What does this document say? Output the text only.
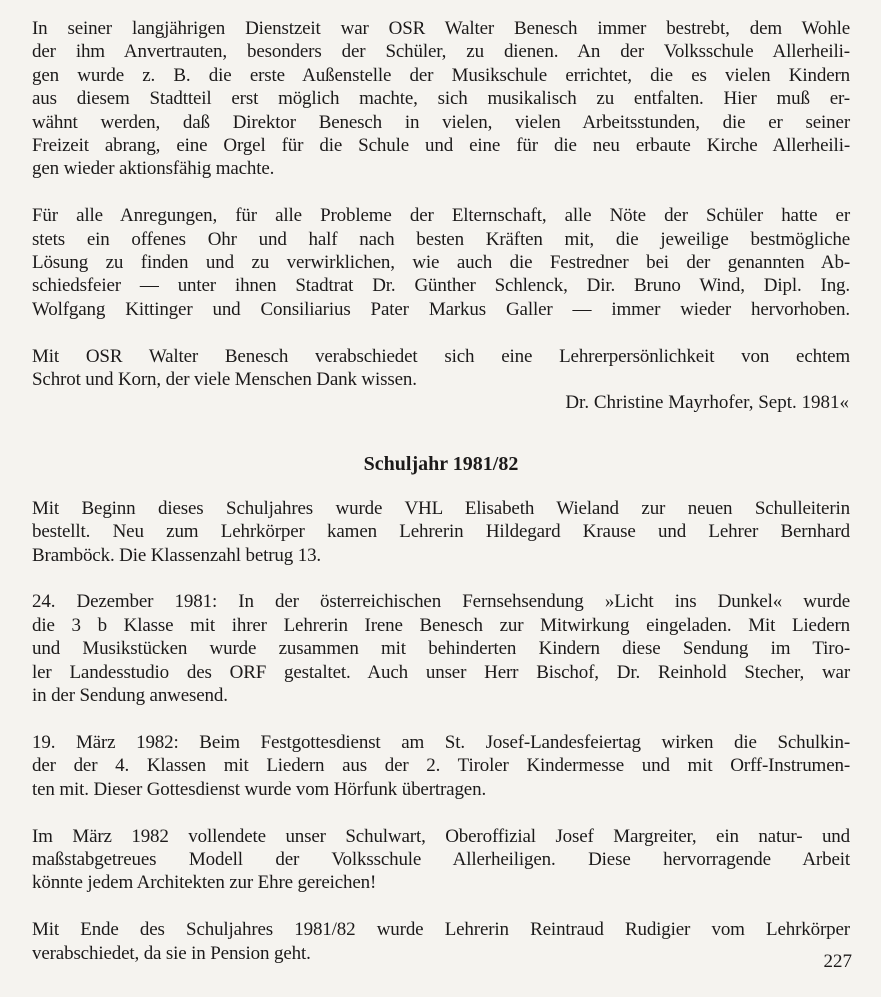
In seiner langjährigen Dienstzeit war OSR Walter Benesch immer bestrebt, dem Wohle
der ihm Anvertrauten, besonders der Schüler, zu dienen. An der Volksschule Allerheili-
gen wurde z. B. die erste Außenstelle der Musikschule errichtet, die es vielen Kindern
aus diesem Stadtteil erst möglich machte, sich musikalisch zu entfalten. Hier muß er-
wähnt werden, daß Direktor Benesch in vielen, vielen Arbeitsstunden, die er seiner
Freizeit abrang, eine Orgel für die Schule und eine für die neu erbaute Kirche Allerheili-
gen wieder aktionsfähig machte.
Für alle Anregungen, für alle Probleme der Elternschaft, alle Nöte der Schüler hatte er
stets ein offenes Ohr und half nach besten Kräften mit, die jeweilige bestmögliche
Lösung zu finden und zu verwirklichen, wie auch die Festredner bei der genannten Ab-
schiedsfeier — unter ihnen Stadtrat Dr. Günther Schlenck, Dir. Bruno Wind, Dipl. Ing.
Wolfgang Kittinger und Consiliarius Pater Markus Galler — immer wieder hervorhoben.
Mit OSR Walter Benesch verabschiedet sich eine Lehrerpersönlichkeit von echtem
Schrot und Korn, der viele Menschen Dank wissen.

Dr. Christine Mayrhofer, Sept. 1981«

Schuljahr 1981/82
Mit Beginn dieses Schuljahres wurde VHL Elisabeth Wieland zur neuen Schulleiterin
bestellt. Neu zum Lehrkörper kamen Lehrerin Hildegard Krause und Lehrer Bernhard
Bramböck. Die Klassenzahl betrug 13.
24. Dezember 1981: In der österreichischen Fernsehsendung »Licht ins Dunkel« wurde
die 3 b Klasse mit ihrer Lehrerin Irene Benesch zur Mitwirkung eingeladen. Mit Liedern
und Musikstücken wurde zusammen mit behinderten Kindern diese Sendung im Tiro-
ler Landesstudio des ORF gestaltet. Auch unser Herr Bischof, Dr. Reinhold Stecher, war
in der Sendung anwesend.
19. März 1982: Beim Festgottesdienst am St. Josef-Landesfeiertag wirken die Schulkin-
der der 4. Klassen mit Liedern aus der 2. Tiroler Kindermesse und mit Orff-Instrumen-
ten mit. Dieser Gottesdienst wurde vom Hörfunk übertragen.
Im März 1982 vollendete unser Schulwart, Oberoffizial Josef Margreiter, ein natur- und
maßstabgetreues Modell der Volksschule Allerheiligen. Diese hervorragende Arbeit
könnte jedem Architekten zur Ehre gereichen!
Mit Ende des Schuljahres 1981/82 wurde Lehrerin Reintraud Rudigier vom Lehrkörper
verabschiedet, da sie in Pension geht.	227
